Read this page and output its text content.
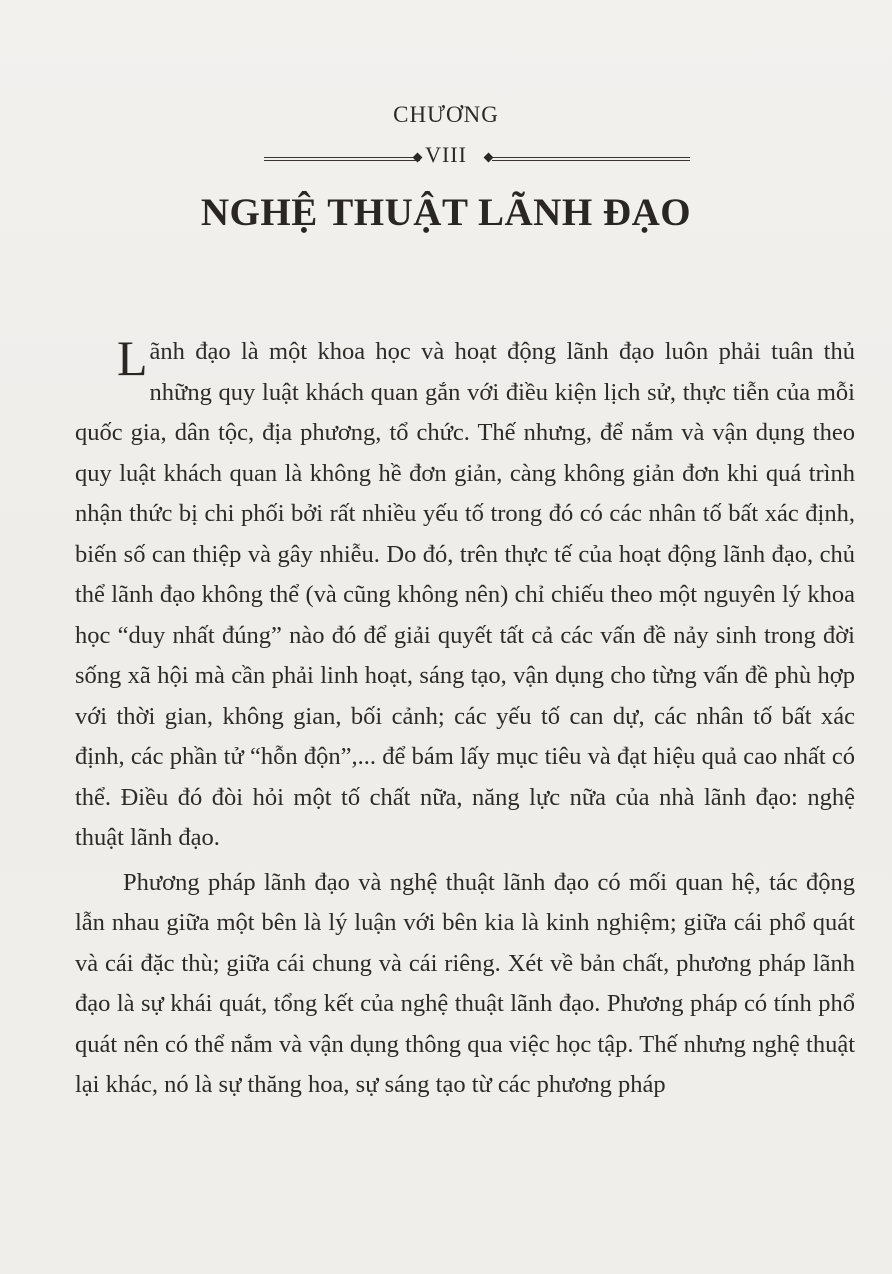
CHƯƠNG
VIII
NGHỆ THUẬT LÃNH ĐẠO

Lãnh đạo là một khoa học và hoạt động lãnh đạo luôn phải tuân thủ những quy luật khách quan gắn với điều kiện lịch sử, thực tiễn của mỗi quốc gia, dân tộc, địa phương, tổ chức. Thế nhưng, để nắm và vận dụng theo quy luật khách quan là không hề đơn giản, càng không giản đơn khi quá trình nhận thức bị chi phối bởi rất nhiều yếu tố trong đó có các nhân tố bất xác định, biến số can thiệp và gây nhiễu. Do đó, trên thực tế của hoạt động lãnh đạo, chủ thể lãnh đạo không thể (và cũng không nên) chỉ chiếu theo một nguyên lý khoa học “duy nhất đúng” nào đó để giải quyết tất cả các vấn đề nảy sinh trong đời sống xã hội mà cần phải linh hoạt, sáng tạo, vận dụng cho từng vấn đề phù hợp với thời gian, không gian, bối cảnh; các yếu tố can dự, các nhân tố bất xác định, các phần tử “hỗn độn”,... để bám lấy mục tiêu và đạt hiệu quả cao nhất có thể. Điều đó đòi hỏi một tố chất nữa, năng lực nữa của nhà lãnh đạo: nghệ thuật lãnh đạo.

Phương pháp lãnh đạo và nghệ thuật lãnh đạo có mối quan hệ, tác động lẫn nhau giữa một bên là lý luận với bên kia là kinh nghiệm; giữa cái phổ quát và cái đặc thù; giữa cái chung và cái riêng. Xét về bản chất, phương pháp lãnh đạo là sự khái quát, tổng kết của nghệ thuật lãnh đạo. Phương pháp có tính phổ quát nên có thể nắm và vận dụng thông qua việc học tập. Thế nhưng nghệ thuật lại khác, nó là sự thăng hoa, sự sáng tạo từ các phương pháp
